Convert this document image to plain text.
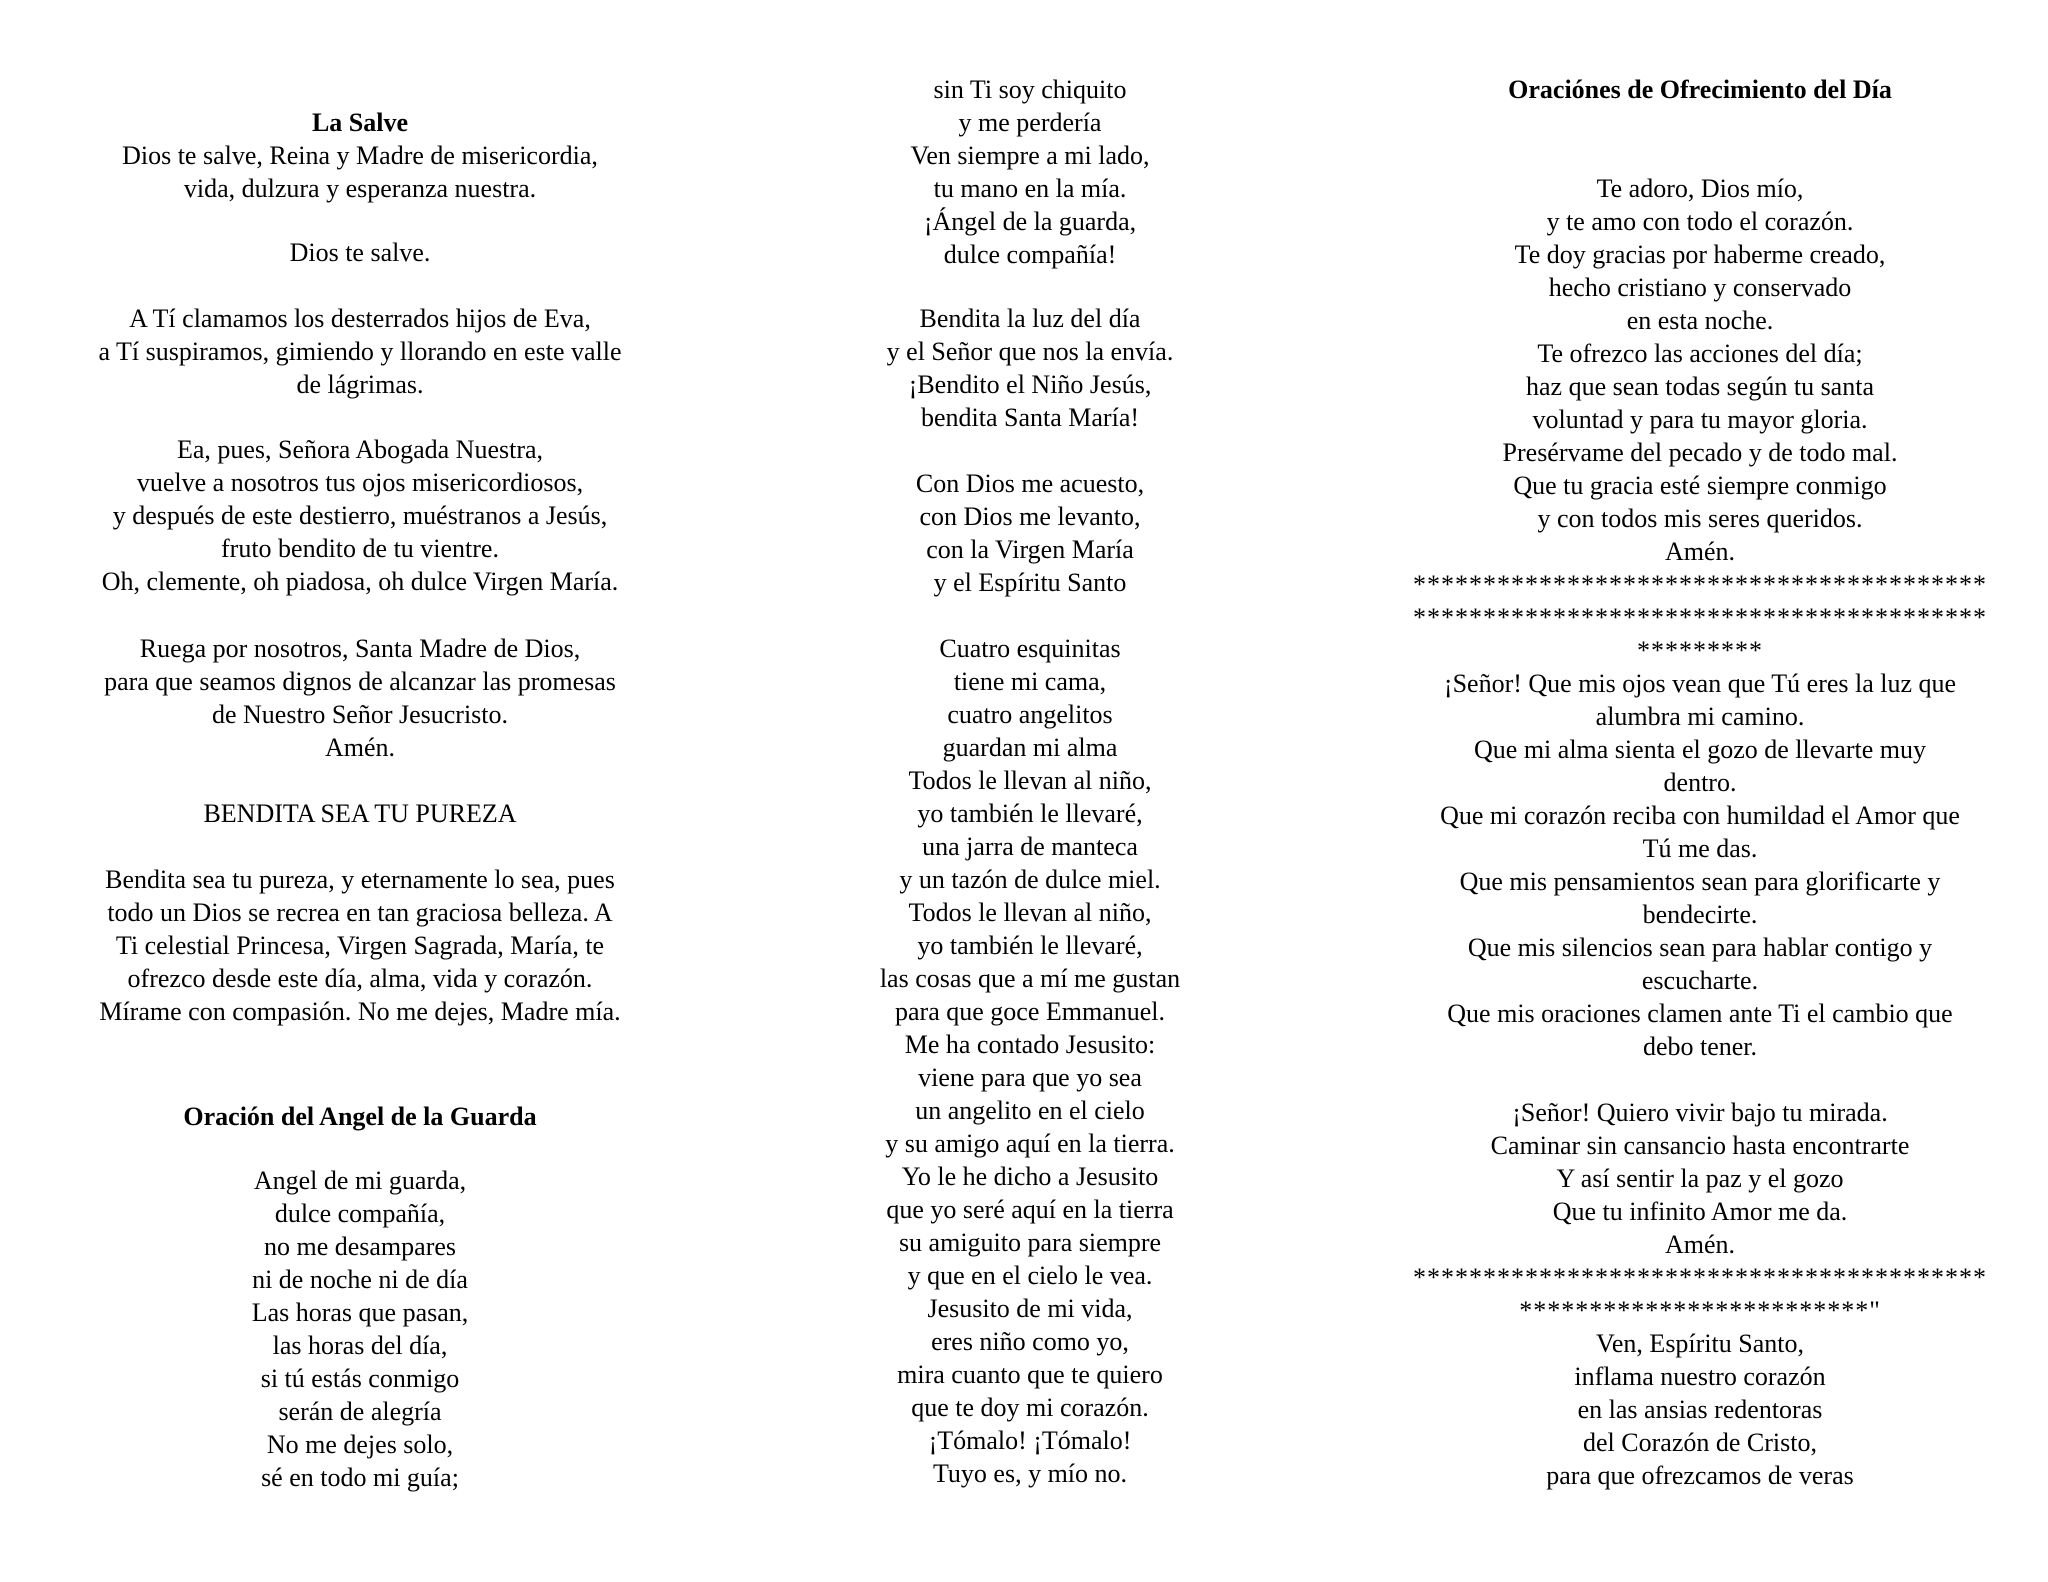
La Salve
Dios te salve, Reina y Madre de misericordia,
vida, dulzura y esperanza nuestra.
Dios te salve.
A Tí clamamos los desterrados hijos de Eva,
a Tí suspiramos, gimiendo y llorando en este valle
de lágrimas.
Ea, pues, Señora Abogada Nuestra,
vuelve a nosotros tus ojos misericordiosos,
y después de este destierro, muéstranos a Jesús,
fruto bendito de tu vientre.
Oh, clemente, oh piadosa, oh dulce Virgen María.
Ruega por nosotros, Santa Madre de Dios,
para que seamos dignos de alcanzar las promesas
de Nuestro Señor Jesucristo.
Amén.
BENDITA SEA TU PUREZA
Bendita sea tu pureza, y eternamente lo sea, pues
todo un Dios se recrea en tan graciosa belleza. A
Ti celestial Princesa, Virgen Sagrada, María, te
ofrezco desde este día, alma, vida y corazón.
Mírame con compasión. No me dejes, Madre mía.
Oración del Angel de la Guarda
Angel de mi guarda,
dulce compañía,
no me desampares
ni de noche ni de día
Las horas que pasan,
las horas del día,
si tú estás conmigo
serán de alegría
No me dejes solo,
sé en todo mi guía;
sin Ti soy chiquito
y me perdería
Ven siempre a mi lado,
tu mano en la mía.
¡Ángel de la guarda,
dulce compañía!
Bendita la luz del día
y el Señor que nos la envía.
¡Bendito el Niño Jesús,
bendita Santa María!
Con Dios me acuesto,
con Dios me levanto,
con la Virgen María
y el Espíritu Santo
Cuatro esquinitas
tiene mi cama,
cuatro angelitos
guardan mi alma
Todos le llevan al niño,
yo también le llevaré,
una jarra de manteca
y un tazón de dulce miel.
Todos le llevan al niño,
yo también le llevaré,
las cosas que a mí me gustan
para que goce Emmanuel.
Me ha contado Jesusito:
viene para que yo sea
un angelito en el cielo
y su amigo aquí en la tierra.
Yo le he dicho a Jesusito
que yo seré aquí en la tierra
su amiguito para siempre
y que en el cielo le vea.
Jesusito de mi vida,
eres niño como yo,
mira cuanto que te quiero
que te doy mi corazón.
¡Tómalo! ¡Tómalo!
Tuyo es, y mío no.
Oraciónes de Ofrecimiento del Día
Te adoro, Dios mío,
y te amo con todo el corazón.
Te doy gracias por haberme creado,
hecho cristiano y conservado
en esta noche.
Te ofrezco las acciones del día;
haz que sean todas según tu santa
voluntad y para tu mayor gloria.
Presérvame del pecado y de todo mal.
Que tu gracia esté siempre conmigo
y con todos mis seres queridos.
Amén.
*****************************************
*****************************************
*********
¡Señor! Que mis ojos vean que Tú eres la luz que
alumbra mi camino.
Que mi alma sienta el gozo de llevarte muy
dentro.
Que mi corazón reciba con humildad el Amor que
Tú me das.
Que mis pensamientos sean para glorificarte y
bendecirte.
Que mis silencios sean para hablar contigo y
escucharte.
Que mis oraciones clamen ante Ti el cambio que
debo tener.
¡Señor! Quiero vivir bajo tu mirada.
Caminar sin cansancio hasta encontrarte
Y así sentir la paz y el gozo
Que tu infinito Amor me da.
Amén.
*****************************************
*************************"
Ven, Espíritu Santo,
inflama nuestro corazón
en las ansias redentoras
del Corazón de Cristo,
para que ofrezcamos de veras
